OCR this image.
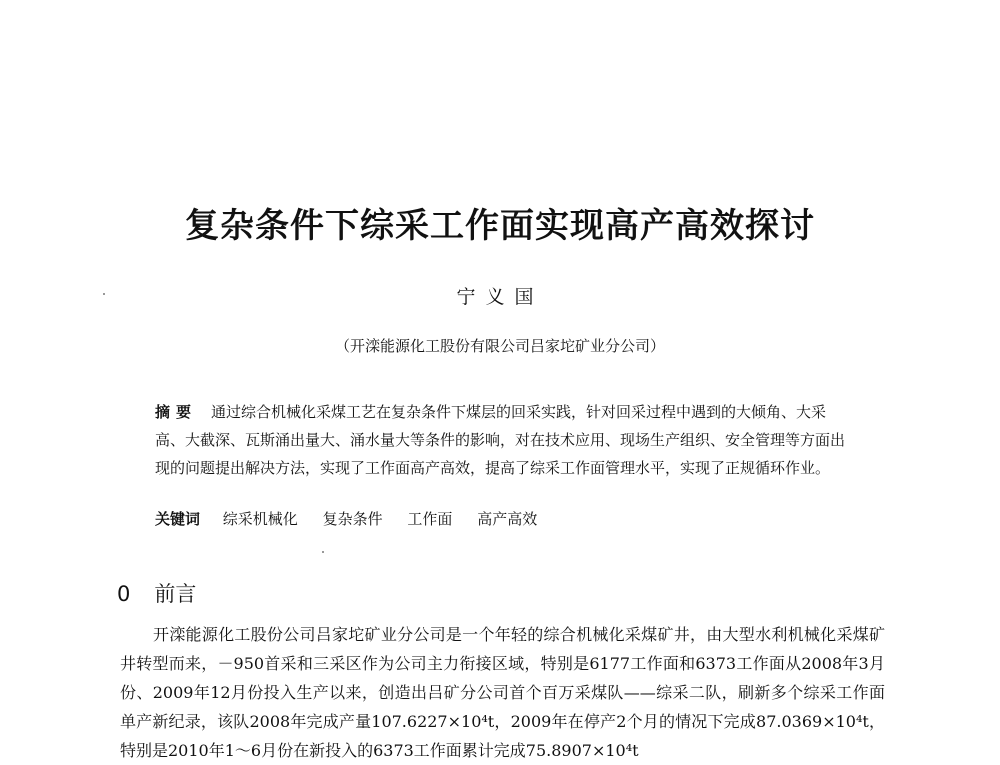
复杂条件下综采工作面实现高产高效探讨
宁义国
（开滦能源化工股份有限公司吕家坨矿业分公司）
摘要 通过综合机械化采煤工艺在复杂条件下煤层的回采实践，针对回采过程中遇到的大倾角、大采高、大截深、瓦斯涌出量大、涌水量大等条件的影响，对在技术应用、现场生产组织、安全管理等方面出现的问题提出解决方法，实现了工作面高产高效，提高了综采工作面管理水平，实现了正规循环作业。
关键词 综采机械化 复杂条件 工作面 高产高效
0 前言
开滦能源化工股份公司吕家坨矿业分公司是一个年轻的综合机械化采煤矿井，由大型水利机械化采煤矿井转型而来，－950首采和三采区作为公司主力衔接区域，特别是6177工作面和6373工作面从2008年3月份、2009年12月份投入生产以来，创造出吕矿分公司首个百万采煤队——综采二队，刷新多个综采工作面单产新纪录，该队2008年完成产量107.6227×10⁴t，2009年在停产2个月的情况下完成87.0369×10⁴t，特别是2010年1～6月份在新投入的6373工作面累计完成75.8907×10⁴t
